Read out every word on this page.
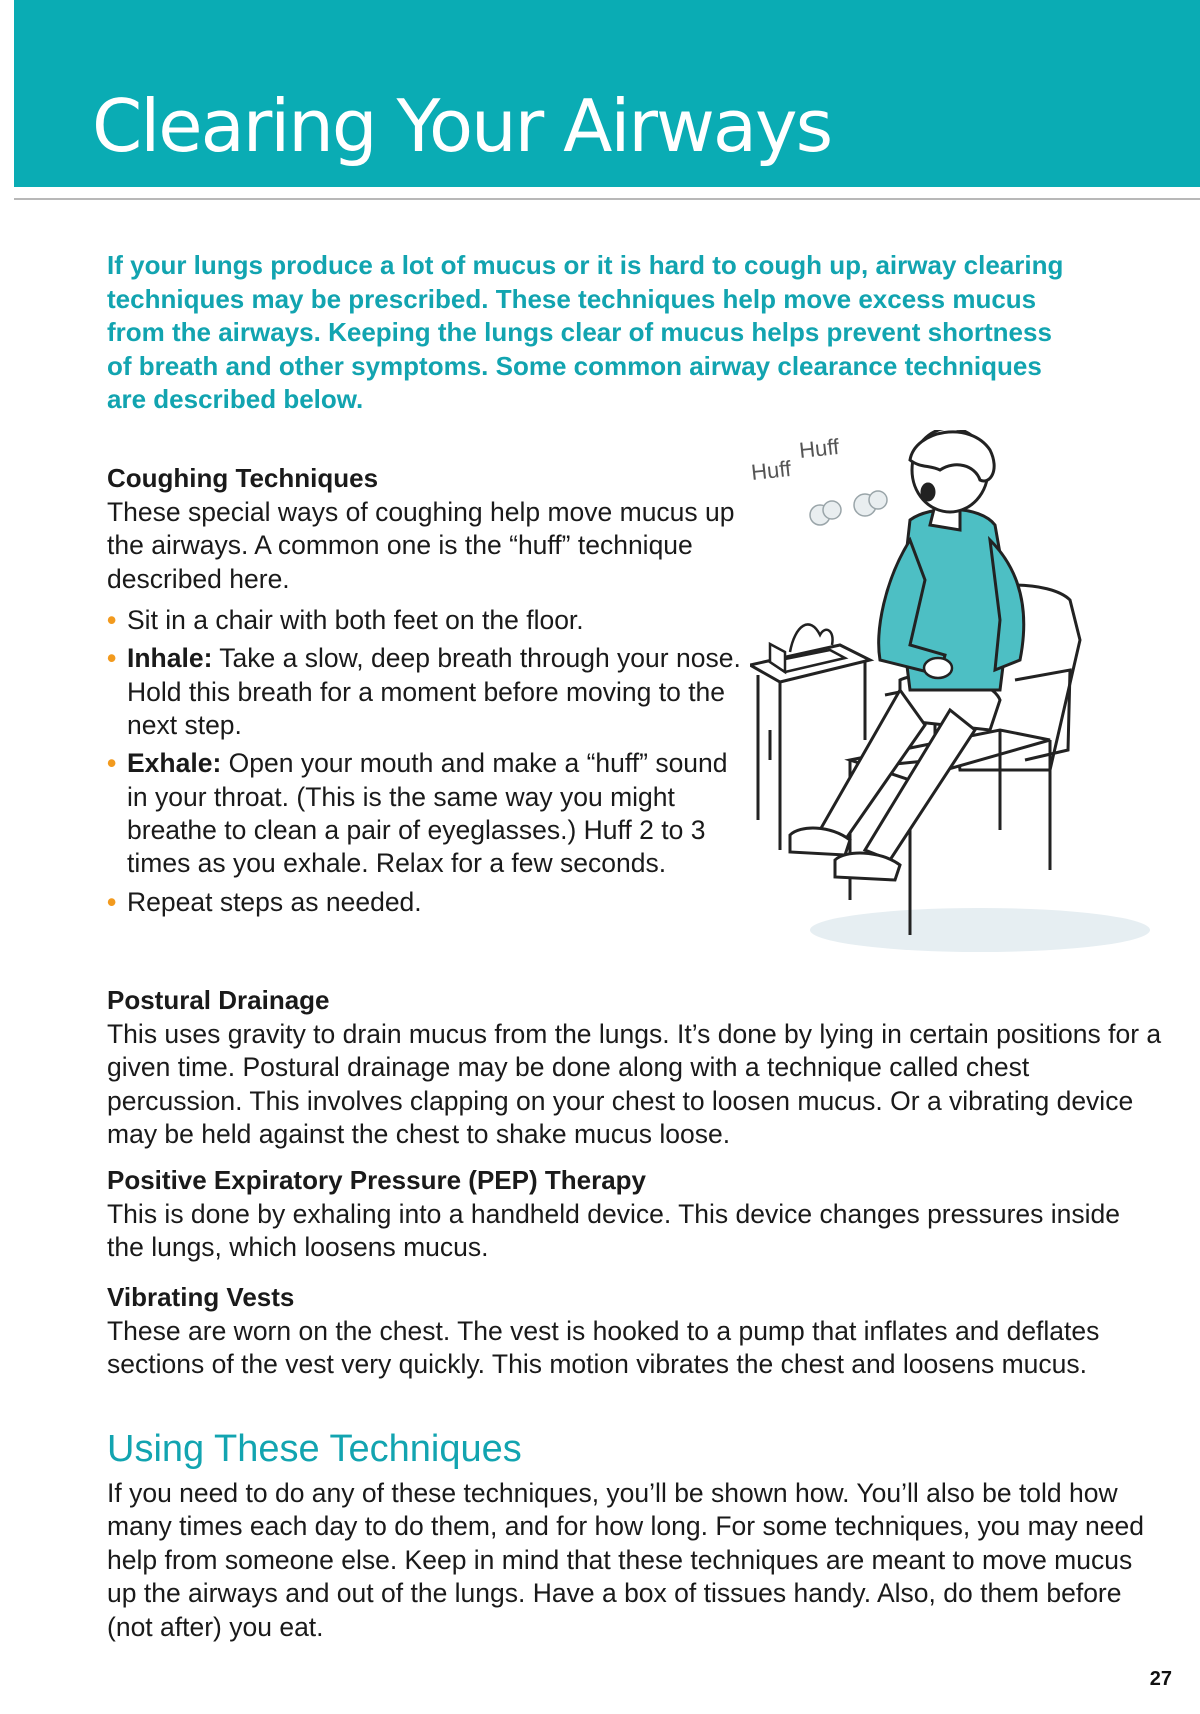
Clearing Your Airways

If your lungs produce a lot of mucus or it is hard to cough up, airway clearing techniques may be prescribed. These techniques help move excess mucus from the airways. Keeping the lungs clear of mucus helps prevent shortness of breath and other symptoms. Some common airway clearance techniques are described below.

Coughing Techniques

These special ways of coughing help move mucus up the airways. A common one is the “huff” technique described here.

• Sit in a chair with both feet on the floor.
• Inhale: Take a slow, deep breath through your nose. Hold this breath for a moment before moving to the next step.
• Exhale: Open your mouth and make a “huff” sound in your throat. (This is the same way you might breathe to clean a pair of eyeglasses.) Huff 2 to 3 times as you exhale. Relax for a few seconds.
• Repeat steps as needed.
Huff
Huff
Postural Drainage

This uses gravity to drain mucus from the lungs. It’s done by lying in certain positions for a given time. Postural drainage may be done along with a technique called chest percussion. This involves clapping on your chest to loosen mucus. Or a vibrating device may be held against the chest to shake mucus loose.

Positive Expiratory Pressure (PEP) Therapy

This is done by exhaling into a handheld device. This device changes pressures inside the lungs, which loosens mucus.

Vibrating Vests

These are worn on the chest. The vest is hooked to a pump that inflates and deflates sections of the vest very quickly. This motion vibrates the chest and loosens mucus.

Using These Techniques

If you need to do any of these techniques, you’ll be shown how. You’ll also be told how many times each day to do them, and for how long. For some techniques, you may need help from someone else. Keep in mind that these techniques are meant to move mucus up the airways and out of the lungs. Have a box of tissues handy. Also, do them before (not after) you eat.

27
